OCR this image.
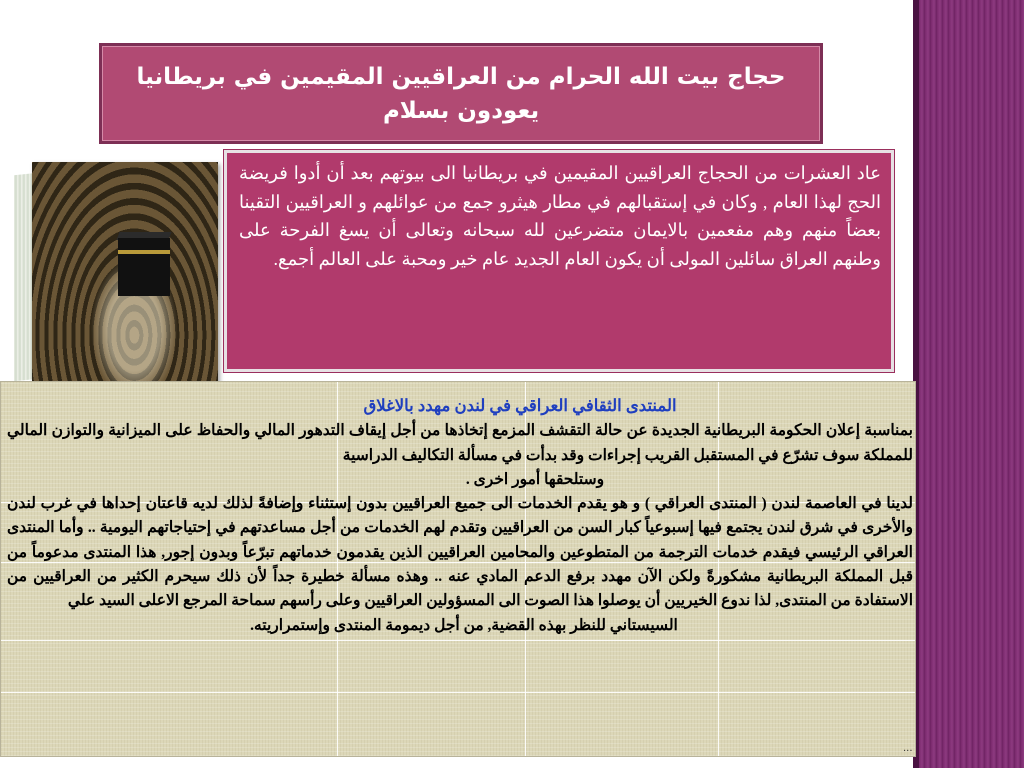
حجاج بيت الله الحرام من العراقيين المقيمين في بريطانيا
يعودون بسلام
عاد العشرات من الحجاج العراقيين المقيمين في بريطانيا الى بيوتهم بعد أن أدوا فريضة الحج لهذا العام , وكان في إستقبالهم في مطار هيثرو جمع من عوائلهم و العراقيين التقينا بعضاً منهم وهم مفعمين بالايمان متضرعين لله سبحانه وتعالى أن يسغ الفرحة على وطنهم العراق سائلين المولى أن يكون العام الجديد عام خير ومحبة على العالم أجمع.
المنتدى الثقافي العراقي في لندن مهدد بالاغلاق

بمناسبة إعلان الحكومة البريطانية الجديدة عن حالة التقشف المزمع إتخاذها من أجل إيقاف التدهور المالي والحفاظ على الميزانية والتوازن المالي للمملكة سوف تشرّع في المستقبل القريب إجراءات وقد بدأت في مسألة التكاليف الدراسية

وستلحقها أمور اخرى .

لدينا في العاصمة لندن ( المنتدى العراقي ) و هو يقدم الخدمات الى جميع العراقيين بدون إستثناء وإضافةً لذلك لديه قاعتان إحداها في غرب لندن والأخرى في شرق لندن يجتمع فيها إسبوعياً كبار السن من العراقيين وتقدم لهم الخدمات من أجل مساعدتهم في إحتياجاتهم اليومية .. وأما المنتدى العراقي الرئيسي فيقدم خدمات الترجمة من المتطوعين والمحامين العراقيين الذين يقدمون خدماتهم تبرّعاً وبدون إجور, هذا المنتدى مدعوماً من قبل المملكة البريطانية مشكورةً ولكن الآن مهدد برفع الدعم المادي عنه .. وهذه مسألة خطيرة جداً لأن ذلك سيحرم الكثير من العراقيين من الاستفادة من المنتدى, لذا ندوع الخيريين أن يوصلوا هذا الصوت الى المسؤولين العراقيين وعلى رأسهم سماحة المرجع الاعلى السيد علي

السيستاني للنظر بهذه القضية, من أجل ديمومة المنتدى وإستمراريته.

...
